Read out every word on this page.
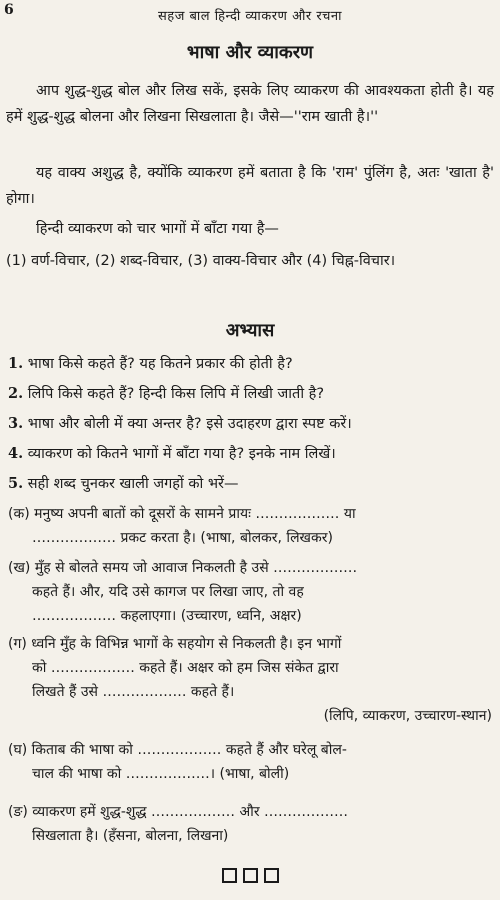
6	सहज बाल हिन्दी व्याकरण और रचना
भाषा और व्याकरण
आप शुद्ध-शुद्ध बोल और लिख सकें, इसके लिए व्याकरण की आवश्यकता होती है। यह हमें शुद्ध-शुद्ध बोलना और लिखना सिखलाता है। जैसे—''राम खाती है।''
यह वाक्य अशुद्ध है, क्योंकि व्याकरण हमें बताता है कि 'राम' पुंलिंग है, अतः 'खाता है' होगा।
हिन्दी व्याकरण को चार भागों में बाँटा गया है—
(1) वर्ण-विचार, (2) शब्द-विचार, (3) वाक्य-विचार और (4) चिह्न-विचार।
अभ्यास
1. भाषा किसे कहते हैं? यह कितने प्रकार की होती है?
2. लिपि किसे कहते हैं? हिन्दी किस लिपि में लिखी जाती है?
3. भाषा और बोली में क्या अन्तर है? इसे उदाहरण द्वारा स्पष्ट करें।
4. व्याकरण को कितने भागों में बाँटा गया है? इनके नाम लिखें।
5. सही शब्द चुनकर खाली जगहों को भरें—
(क) मनुष्य अपनी बातों को दूसरों के सामने प्रायः ……………… या
……………… प्रकट करता है। (भाषा, बोलकर, लिखकर)
(ख) मुँह से बोलते समय जो आवाज निकलती है उसे ………………
कहते हैं। और, यदि उसे कागज पर लिखा जाए, तो वह
……………… कहलाएगा। (उच्चारण, ध्वनि, अक्षर)
(ग) ध्वनि मुँह के विभिन्न भागों के सहयोग से निकलती है। इन भागों
को ……………… कहते हैं। अक्षर को हम जिस संकेत द्वारा
लिखते हैं उसे ……………… कहते हैं।
(लिपि, व्याकरण, उच्चारण-स्थान)
(घ) किताब की भाषा को ……………… कहते हैं और घरेलू बोल-
चाल की भाषा को ………………। (भाषा, बोली)
(ङ) व्याकरण हमें शुद्ध-शुद्ध ……………… और ………………
सिखलाता है। (हँसना, बोलना, लिखना)
